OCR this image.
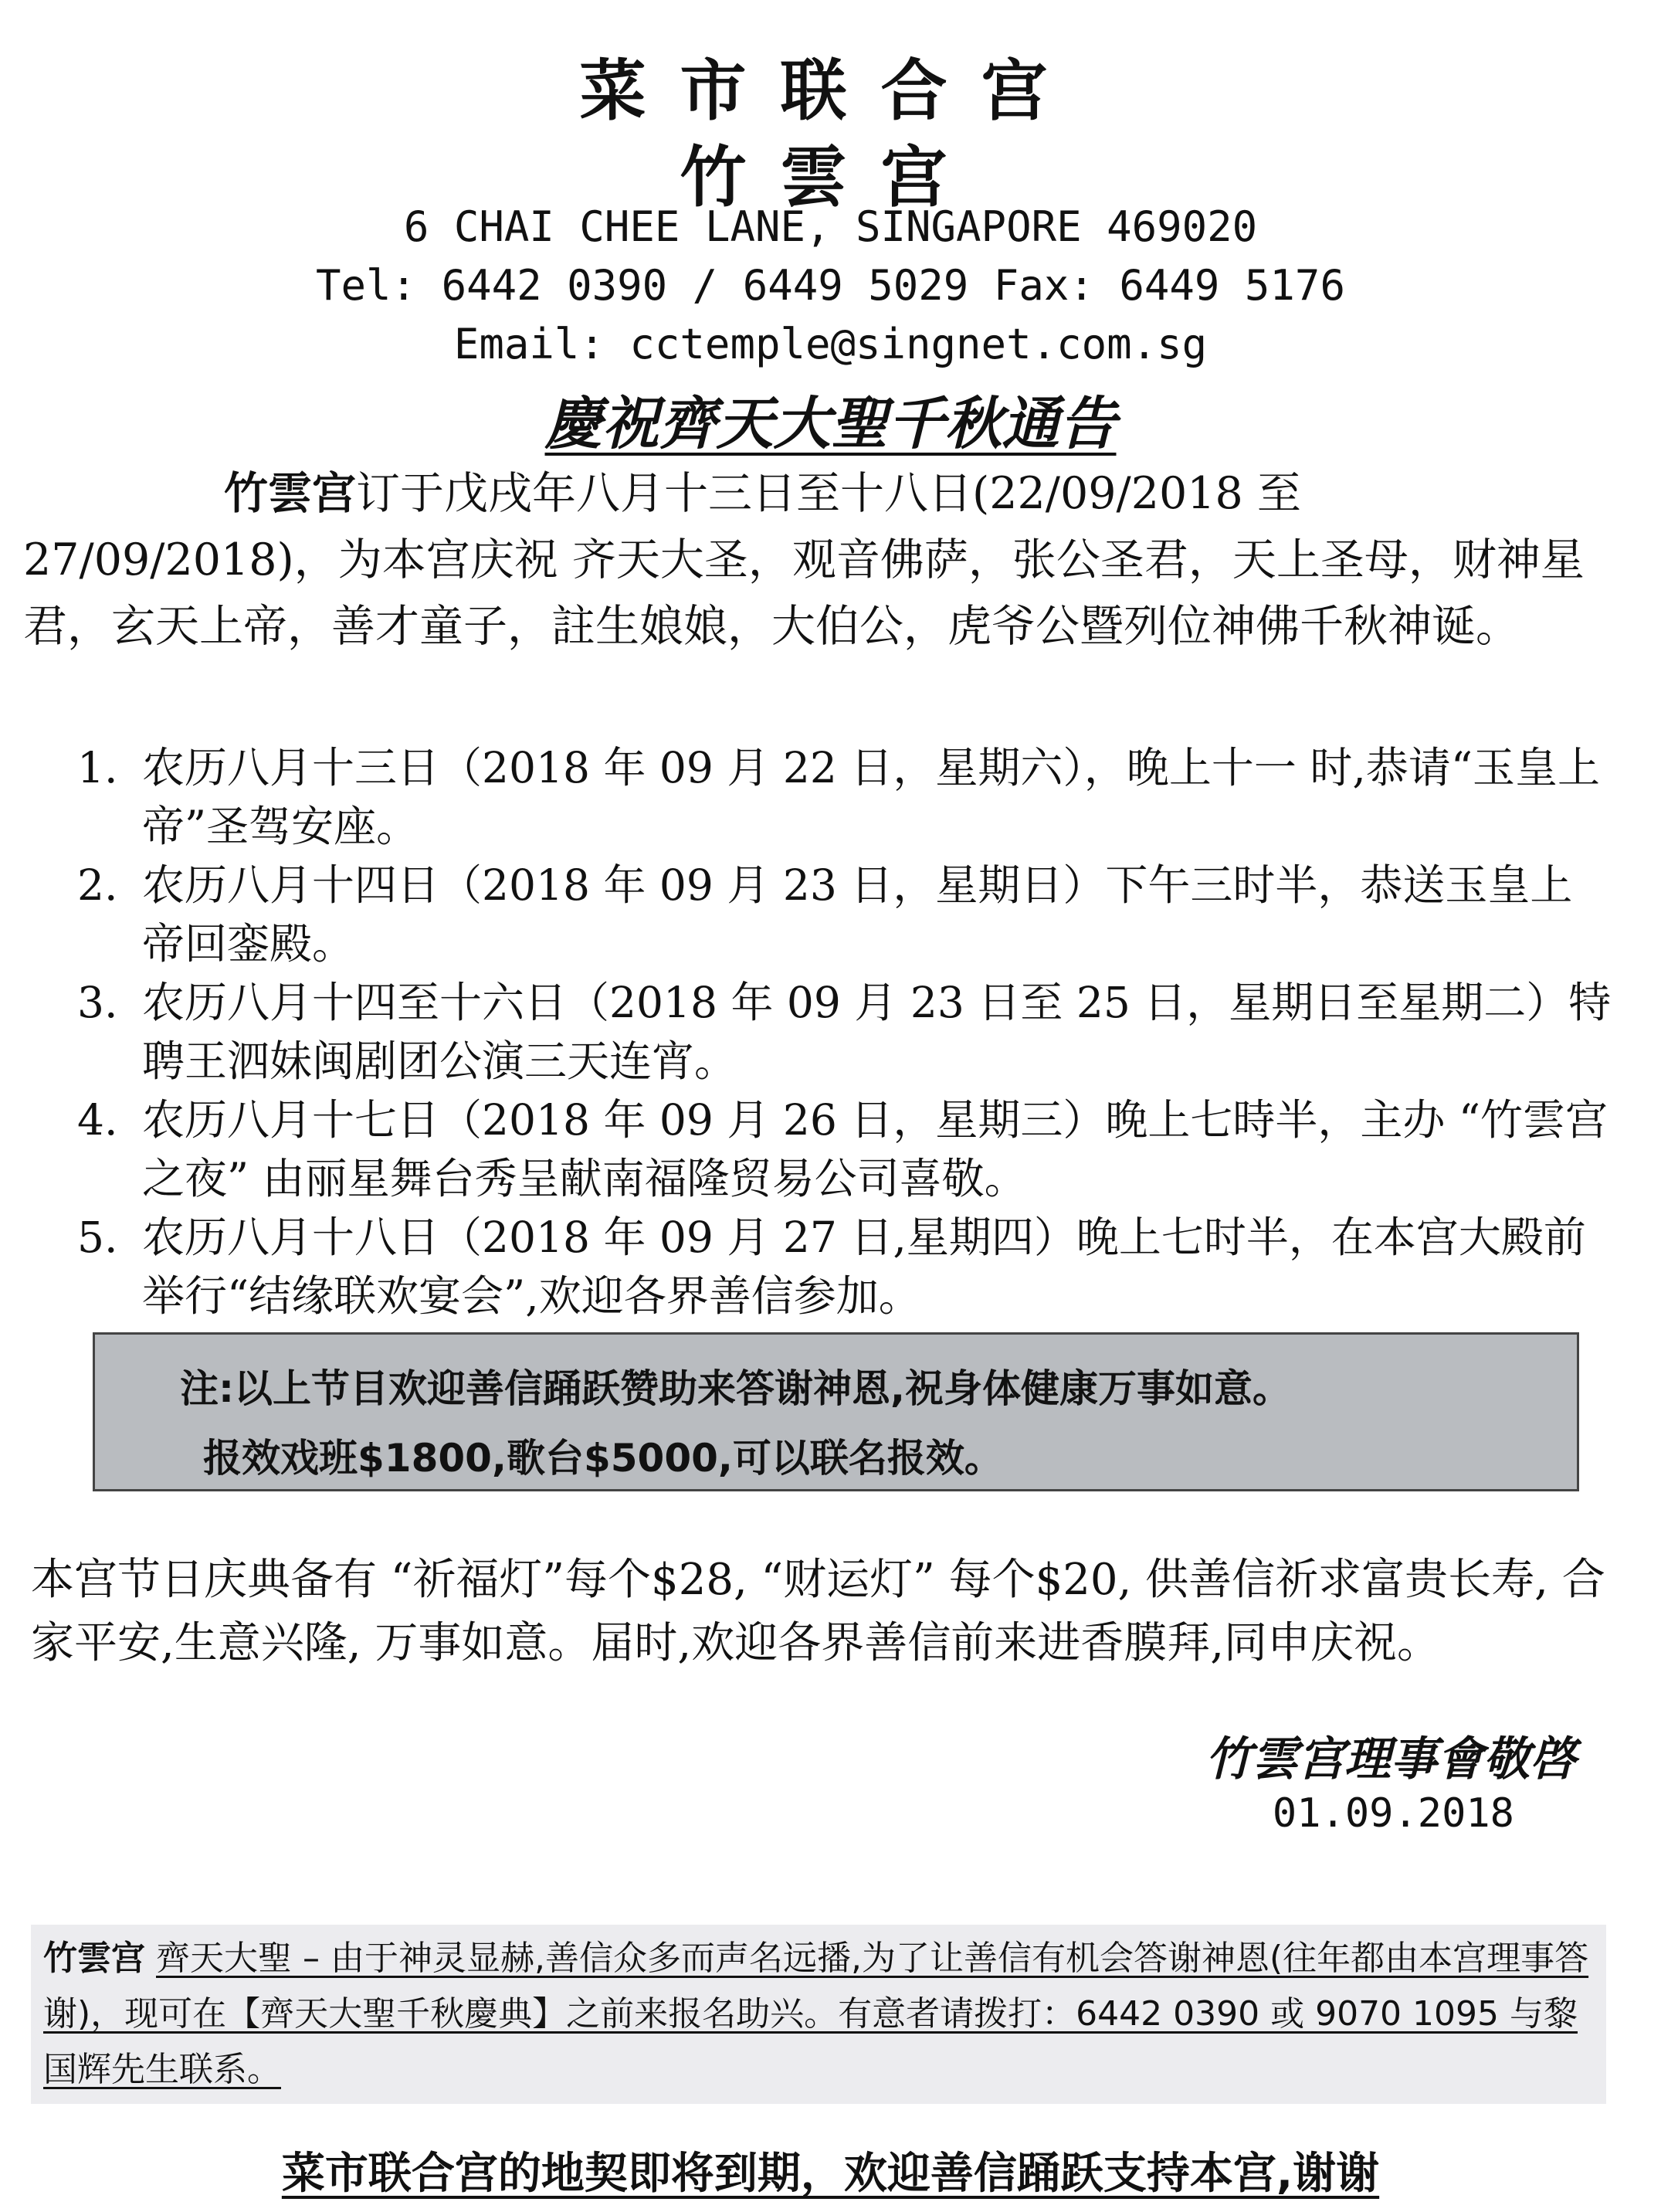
菜市联合宫
竹雲宫
6 CHAI CHEE LANE, SINGAPORE 469020
Tel: 6442 0390 / 6449 5029 Fax: 6449 5176
Email: cctemple@singnet.com.sg
慶祝齊天大聖千秋通告
竹雲宫订于戊戌年八月十三日至十八日(22/09/2018 至 27/09/2018)，为本宫庆祝 齐天大圣，观音佛萨，张公圣君，天上圣母，财神星君，玄天上帝，善才童子，註生娘娘，大伯公，虎爷公暨列位神佛千秋神诞。
1. 农历八月十三日（2018 年 09 月 22 日，星期六），晚上十一 时,恭请“玉皇上帝”圣驾安座。
2. 农历八月十四日（2018 年 09 月 23 日，星期日）下午三时半，恭送玉皇上帝回銮殿。
3. 农历八月十四至十六日（2018 年 09 月 23 日至 25 日，星期日至星期二）特聘王泗妹闽剧团公演三天连宵。
4. 农历八月十七日（2018 年 09 月 26 日，星期三）晚上七時半，主办 “竹雲宫之夜” 由丽星舞台秀呈献南福隆贸易公司喜敬。
5. 农历八月十八日（2018 年 09 月 27 日,星期四）晚上七时半，在本宫大殿前举行“结缘联欢宴会”,欢迎各界善信参加。
注:以上节目欢迎善信踊跃赞助来答谢神恩,祝身体健康万事如意。
报效戏班$1800,歌台$5000,可以联名报效。
本宫节日庆典备有 “祈福灯”每个$28, “财运灯” 每个$20, 供善信祈求富贵长寿, 合家平安,生意兴隆, 万事如意。届时,欢迎各界善信前来进香膜拜,同申庆祝。
竹雲宫理事會敬啓
01.09.2018
竹雲宫 齊天大聖 – 由于神灵显赫,善信众多而声名远播,为了让善信有机会答谢神恩(往年都由本宫理事答谢)，现可在【齊天大聖千秋慶典】之前来报名助兴。有意者请拨打：6442 0390 或 9070 1095 与黎国辉先生联系。
菜市联合宫的地契即将到期，欢迎善信踊跃支持本宫,谢谢
